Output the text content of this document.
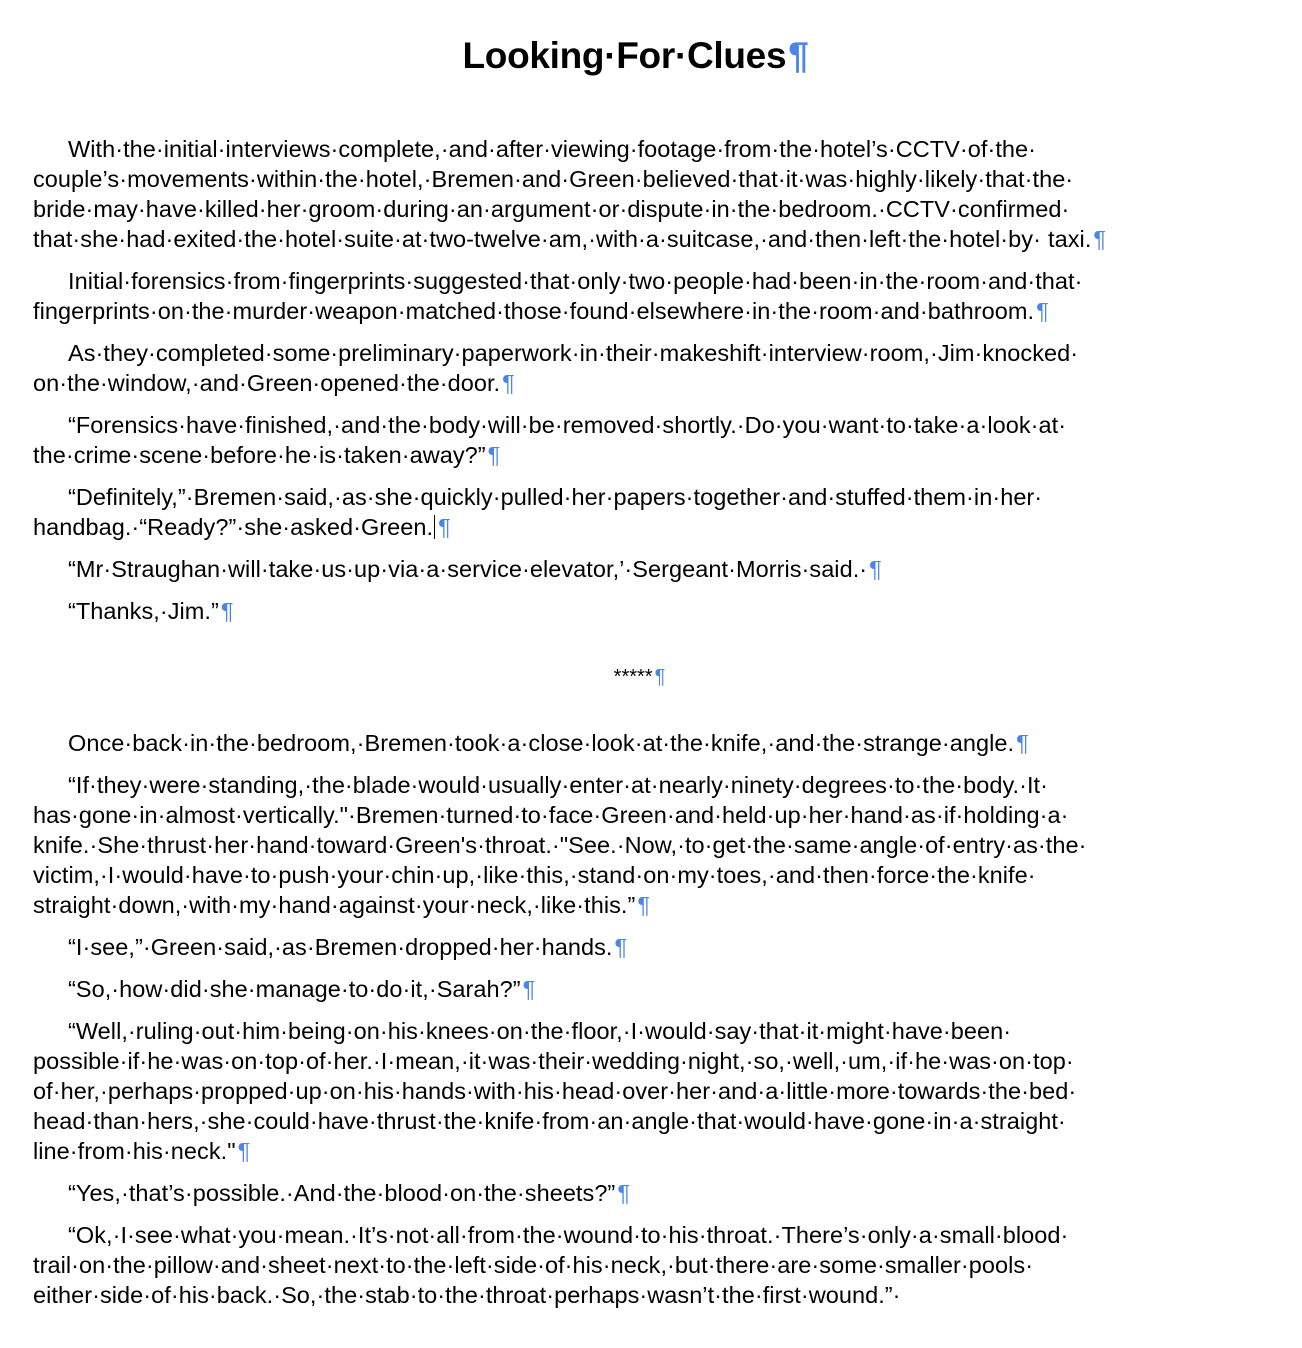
Looking·For·Clues¶

With·the·initial·interviews·complete,·and·after·viewing·footage·from·the·hotel’s·CCTV·of·the· couple’s·movements·within·the·hotel,·Bremen·and·Green·believed·that·it·was·highly·likely·that·the· bride·may·have·killed·her·groom·during·an·argument·or·dispute·in·the·bedroom.·CCTV·confirmed· that·she·had·exited·the·hotel·suite·at·two-twelve·am,·with·a·suitcase,·and·then·left·the·hotel·by· taxi.¶

Initial·forensics·from·fingerprints·suggested·that·only·two·people·had·been·in·the·room·and·that· fingerprints·on·the·murder·weapon·matched·those·found·elsewhere·in·the·room·and·bathroom.¶

As·they·completed·some·preliminary·paperwork·in·their·makeshift·interview·room,·Jim·knocked· on·the·window,·and·Green·opened·the·door.¶

“Forensics·have·finished,·and·the·body·will·be·removed·shortly.·Do·you·want·to·take·a·look·at· the·crime·scene·before·he·is·taken·away?”¶

“Definitely,”·Bremen·said,·as·she·quickly·pulled·her·papers·together·and·stuffed·them·in·her· handbag.·“Ready?”·she·asked·Green. ¶

“Mr·Straughan·will·take·us·up·via·a·service·elevator,’·Sergeant·Morris·said.·¶

“Thanks,·Jim.”¶

***** ¶

Once·back·in·the·bedroom,·Bremen·took·a·close·look·at·the·knife,·and·the·strange·angle.¶

“If·they·were·standing,·the·blade·would·usually·enter·at·nearly·ninety·degrees·to·the·body.·It· has·gone·in·almost·vertically."·Bremen·turned·to·face·Green·and·held·up·her·hand·as·if·holding·a· knife.·She·thrust·her·hand·toward·Green's·throat.·"See.·Now,·to·get·the·same·angle·of·entry·as·the· victim,·I·would·have·to·push·your·chin·up,·like·this,·stand·on·my·toes,·and·then·force·the·knife· straight·down,·with·my·hand·against·your·neck,·like·this.”¶

“I·see,”·Green·said,·as·Bremen·dropped·her·hands.¶

“So,·how·did·she·manage·to·do·it,·Sarah?”¶

“Well,·ruling·out·him·being·on·his·knees·on·the·floor,·I·would·say·that·it·might·have·been· possible·if·he·was·on·top·of·her.·I·mean,·it·was·their·wedding·night,·so,·well,·um,·if·he·was·on·top· of·her,·perhaps·propped·up·on·his·hands·with·his·head·over·her·and·a·little·more·towards·the·bed· head·than·hers,·she·could·have·thrust·the·knife·from·an·angle·that·would·have·gone·in·a·straight· line·from·his·neck."¶

“Yes,·that’s·possible.·And·the·blood·on·the·sheets?”¶

“Ok,·I·see·what·you·mean.·It’s·not·all·from·the·wound·to·his·throat.·There’s·only·a·small·blood· trail·on·the·pillow·and·sheet·next·to·the·left·side·of·his·neck,·but·there·are·some·smaller·pools· either·side·of·his·back.·So,·the·stab·to·the·throat·perhaps·wasn’t·the·first·wound.”·
